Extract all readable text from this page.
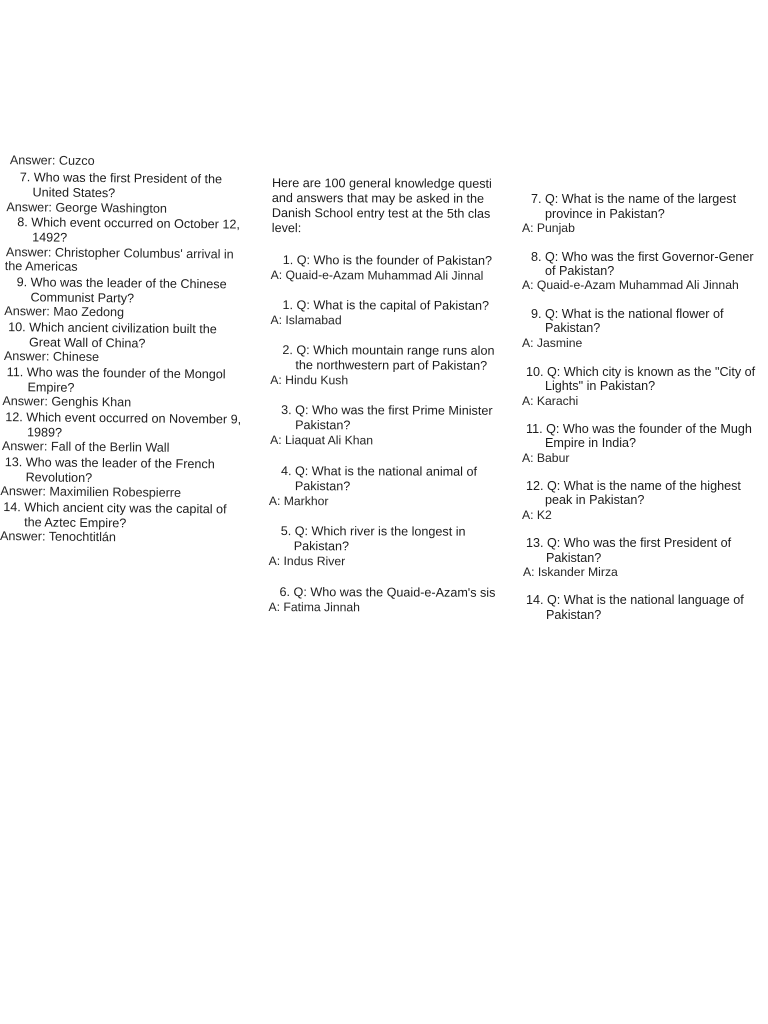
Answer: Cuzco
7. Who was the first President of the
United States?
Answer: George Washington
8. Which event occurred on October 12,
1492?
Answer: Christopher Columbus' arrival in
the Americas
9. Who was the leader of the Chinese
Communist Party?
Answer: Mao Zedong
10. Which ancient civilization built the
Great Wall of China?
Answer: Chinese
11. Who was the founder of the Mongol
Empire?
Answer: Genghis Khan
12. Which event occurred on November 9,
1989?
Answer: Fall of the Berlin Wall
13. Who was the leader of the French
Revolution?
Answer: Maximilien Robespierre
14. Which ancient city was the capital of
the Aztec Empire?
Answer: Tenochtitlán
Here are 100 general knowledge questi
and answers that may be asked in the
Danish School entry test at the 5th clas
level:
1. Q: Who is the founder of Pakistan?
A: Quaid-e-Azam Muhammad Ali Jinnal
1. Q: What is the capital of Pakistan?
A: Islamabad
2. Q: Which mountain range runs alon
the northwestern part of Pakistan?
A: Hindu Kush
3. Q: Who was the first Prime Minister
Pakistan?
A: Liaquat Ali Khan
4. Q: What is the national animal of
Pakistan?
A: Markhor
5. Q: Which river is the longest in
Pakistan?
A: Indus River
6. Q: Who was the Quaid-e-Azam's sis
A: Fatima Jinnah
7. Q: What is the name of the largest
province in Pakistan?
A: Punjab
8. Q: Who was the first Governor-Gener
of Pakistan?
A: Quaid-e-Azam Muhammad Ali Jinnah
9. Q: What is the national flower of
Pakistan?
A: Jasmine
10. Q: Which city is known as the "City of
Lights" in Pakistan?
A: Karachi
11. Q: Who was the founder of the Mugh
Empire in India?
A: Babur
12. Q: What is the name of the highest
peak in Pakistan?
A: K2
13. Q: Who was the first President of
Pakistan?
A: Iskander Mirza
14. Q: What is the national language of
Pakistan?
